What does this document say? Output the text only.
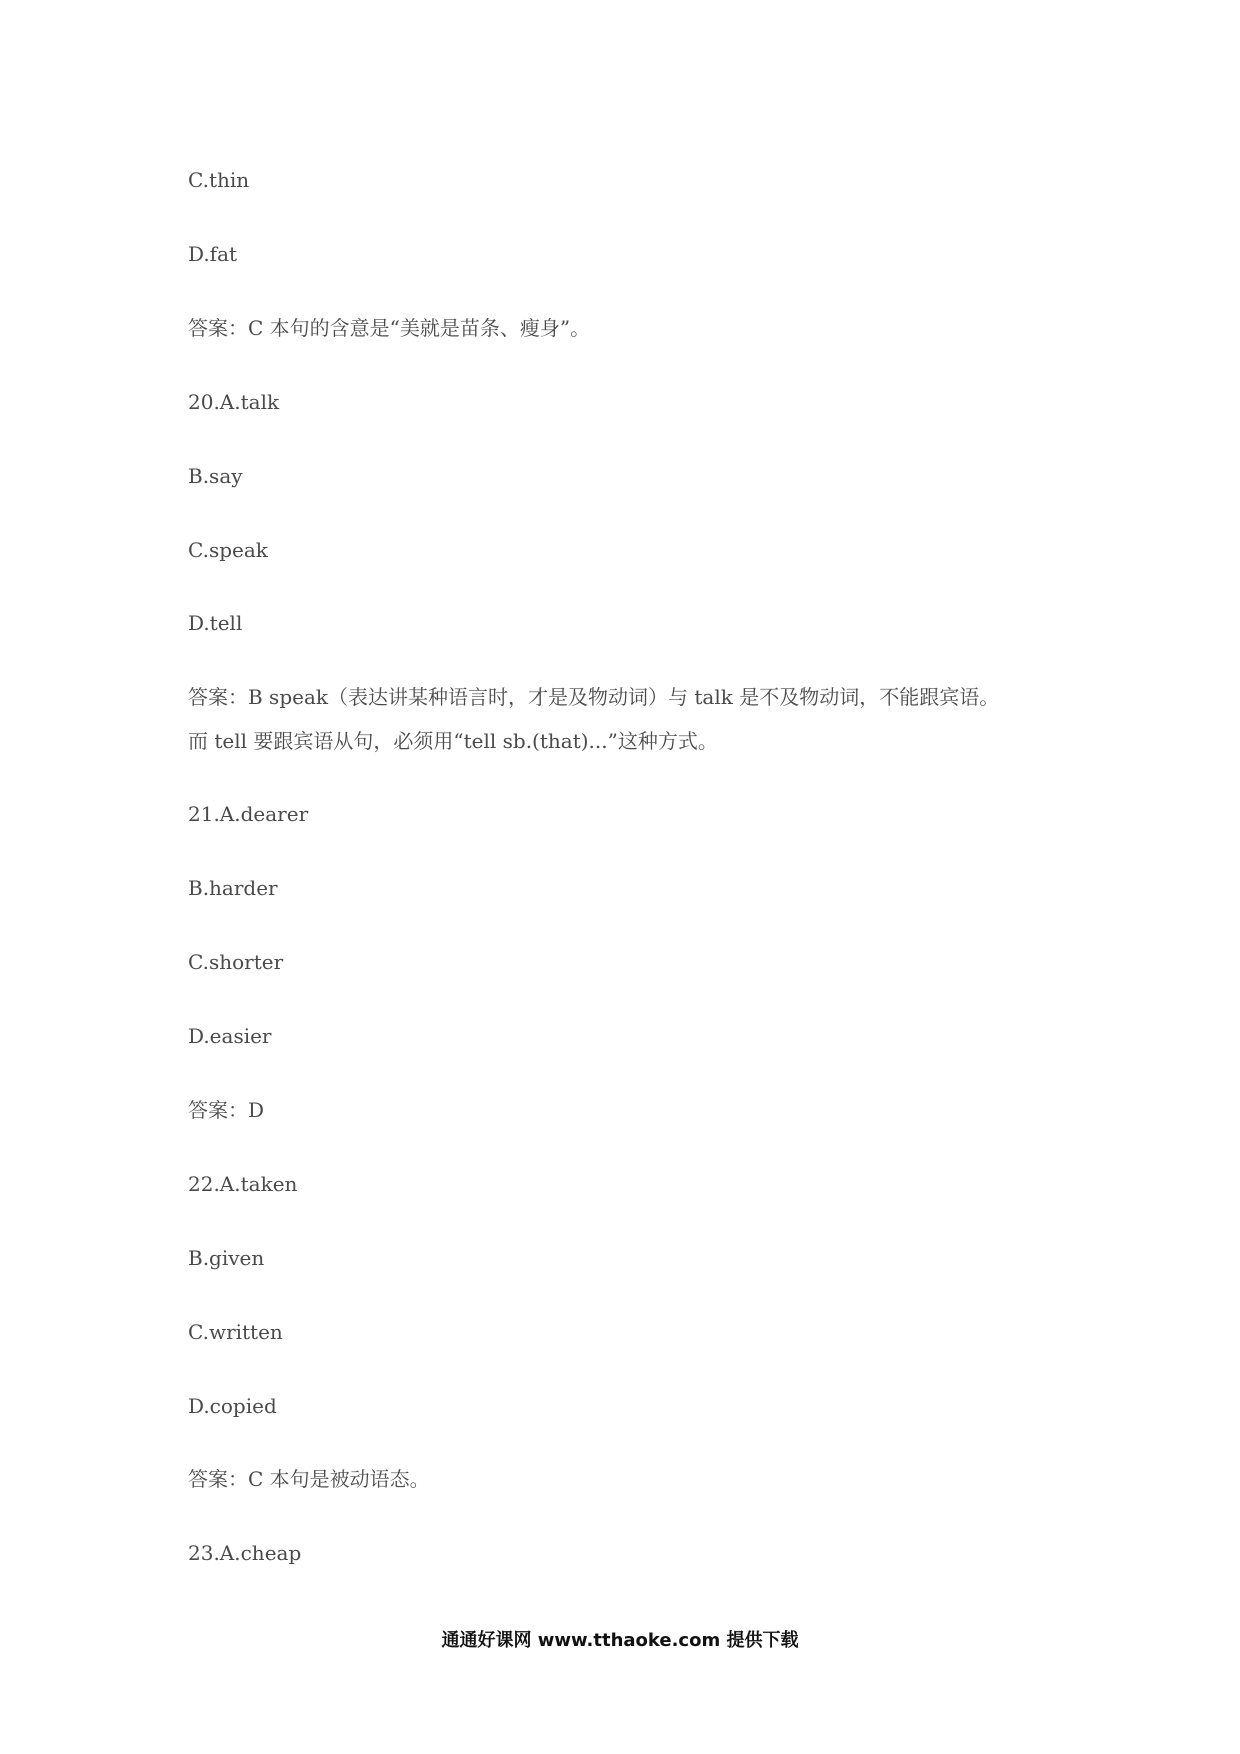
C.thin

D.fat

答案：C 本句的含意是“美就是苗条、瘦身”。

20.A.talk

B.say

C.speak

D.tell

答案：B speak（表达讲某种语言时，才是及物动词）与 talk 是不及物动词，不能跟宾语。

而 tell 要跟宾语从句，必须用“tell sb.(that)...”这种方式。

21.A.dearer

B.harder

C.shorter

D.easier

答案：D

22.A.taken

B.given

C.written

D.copied

答案：C 本句是被动语态。

23.A.cheap

通通好课网 www.tthaoke.com 提供下载
